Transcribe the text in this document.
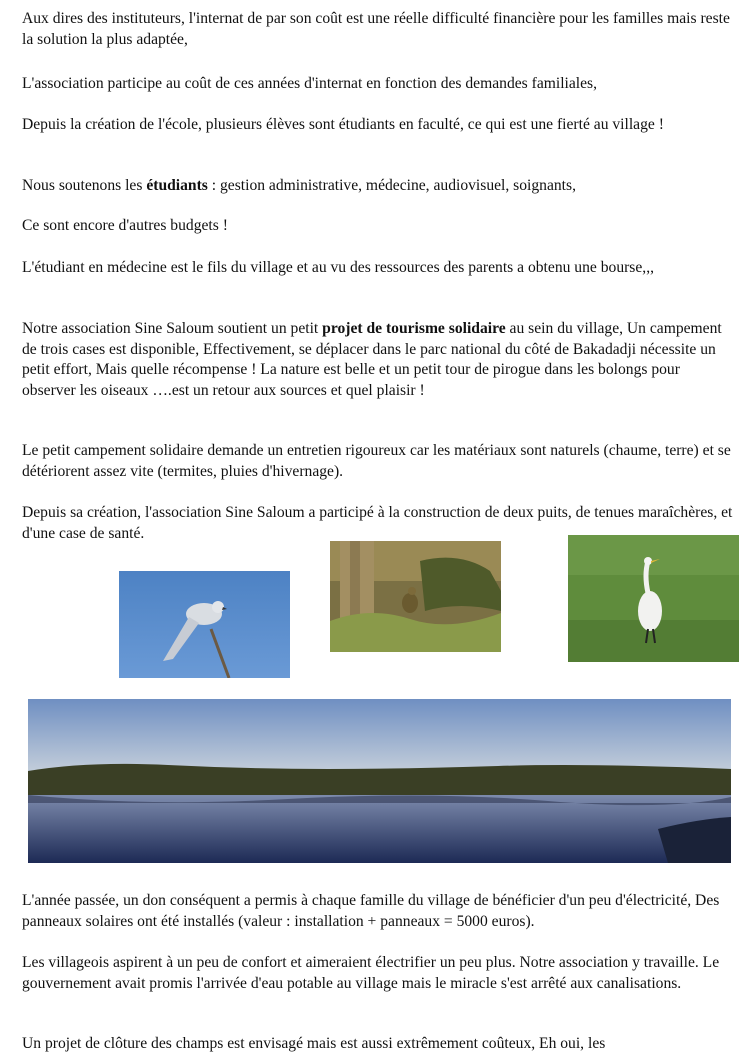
Aux dires des instituteurs, l'internat de par son coût est une réelle difficulté financière pour les familles mais reste la solution la plus adaptée,

L'association participe au coût de ces années d'internat en fonction des demandes familiales,

Depuis la création de l'école, plusieurs élèves sont étudiants en faculté, ce qui est une fierté au village !

Nous soutenons les étudiants : gestion administrative, médecine, audiovisuel, soignants,

Ce sont encore d'autres budgets !

L'étudiant en médecine est le fils du village et au vu des ressources des parents a obtenu une bourse,,,

Notre association Sine Saloum soutient un petit projet de tourisme solidaire au sein du village, Un campement de trois cases est disponible, Effectivement, se déplacer dans le parc national du côté de Bakadadji nécessite un petit effort, Mais quelle récompense ! La nature est belle et un petit tour de pirogue dans les bolongs pour observer les oiseaux ….est un retour aux sources et quel plaisir !

Le petit campement solidaire demande un entretien rigoureux car les matériaux sont naturels (chaume, terre) et se détériorent assez vite (termites, pluies d'hivernage).

Depuis sa création, l'association Sine Saloum a participé à la construction de deux puits, de tenues maraîchères, et d'une case de santé.

L'année passée, un don conséquent a permis à chaque famille du village de bénéficier d'un peu d'électricité, Des panneaux solaires ont été installés (valeur : installation + panneaux = 5000 euros).

Les villageois aspirent à un peu de confort et aimeraient électrifier un peu plus. Notre association y travaille. Le gouvernement avait promis l'arrivée d'eau potable au village mais le miracle s'est arrêté aux canalisations.

Un projet de clôture des champs est envisagé mais est aussi extrêmement coûteux, Eh oui, les
